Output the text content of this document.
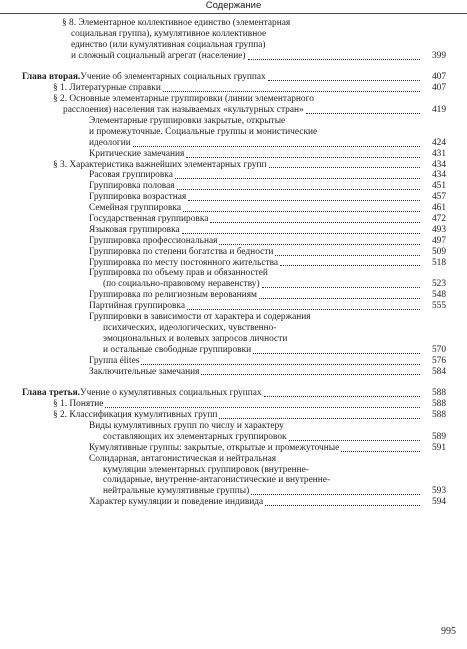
Содержание
§ 8. Элементарное коллективное единство (элементарная
социальная группа), кумулятивное коллективное
единство (или кумулятивная социальная группа)
и сложный социальный агрегат (население)	399
Глава вторая. Учение об элементарных социальных группах	407
§ 1. Литературные справки	407
§ 2. Основные элементарные группировки (линии элементарного
расслоения) населения так называемых «культурных стран»	419
Элементарные группировки закрытые, открытые
и промежуточные. Социальные группы и монистические
идеологии	424
Критические замечания	431
§ 3. Характеристика важнейших элементарных групп	434
Расовая группировка	434
Группировка половая	451
Группировка возрастная	457
Семейная группировка	461
Государственная группировка	472
Языковая группировка	493
Группировка профессиональная	497
Группировка по степени богатства и бедности	509
Группировка по месту постоянного жительства	518
Группировка по объему прав и обязанностей
(по социально-правовому неравенству)	523
Группировка по религиозным верованиям	548
Партийная группировка	555
Группировки в зависимости от характера и содержания
психических, идеологических, чувственно-
эмоциональных и волевых запросов личности
и остальные свободные группировки	570
Группа élites	576
Заключительные замечания	584
Глава третья. Учение о кумулятивных социальных группах	588
§ 1. Понятие	588
§ 2. Классификация кумулятивных групп	588
Виды кумулятивных групп по числу и характеру
составляющих их элементарных группировок	589
Кумулятивные группы: закрытые, открытые и промежуточные	591
Солидарная, антагонистическая и нейтральная
кумуляции элементарных группировок (внутренне-
солидарные, внутренне-антагонистические и внутренне-
нейтральные кумулятивные группы)	593
Характер кумуляции и поведение индивида	594
995
